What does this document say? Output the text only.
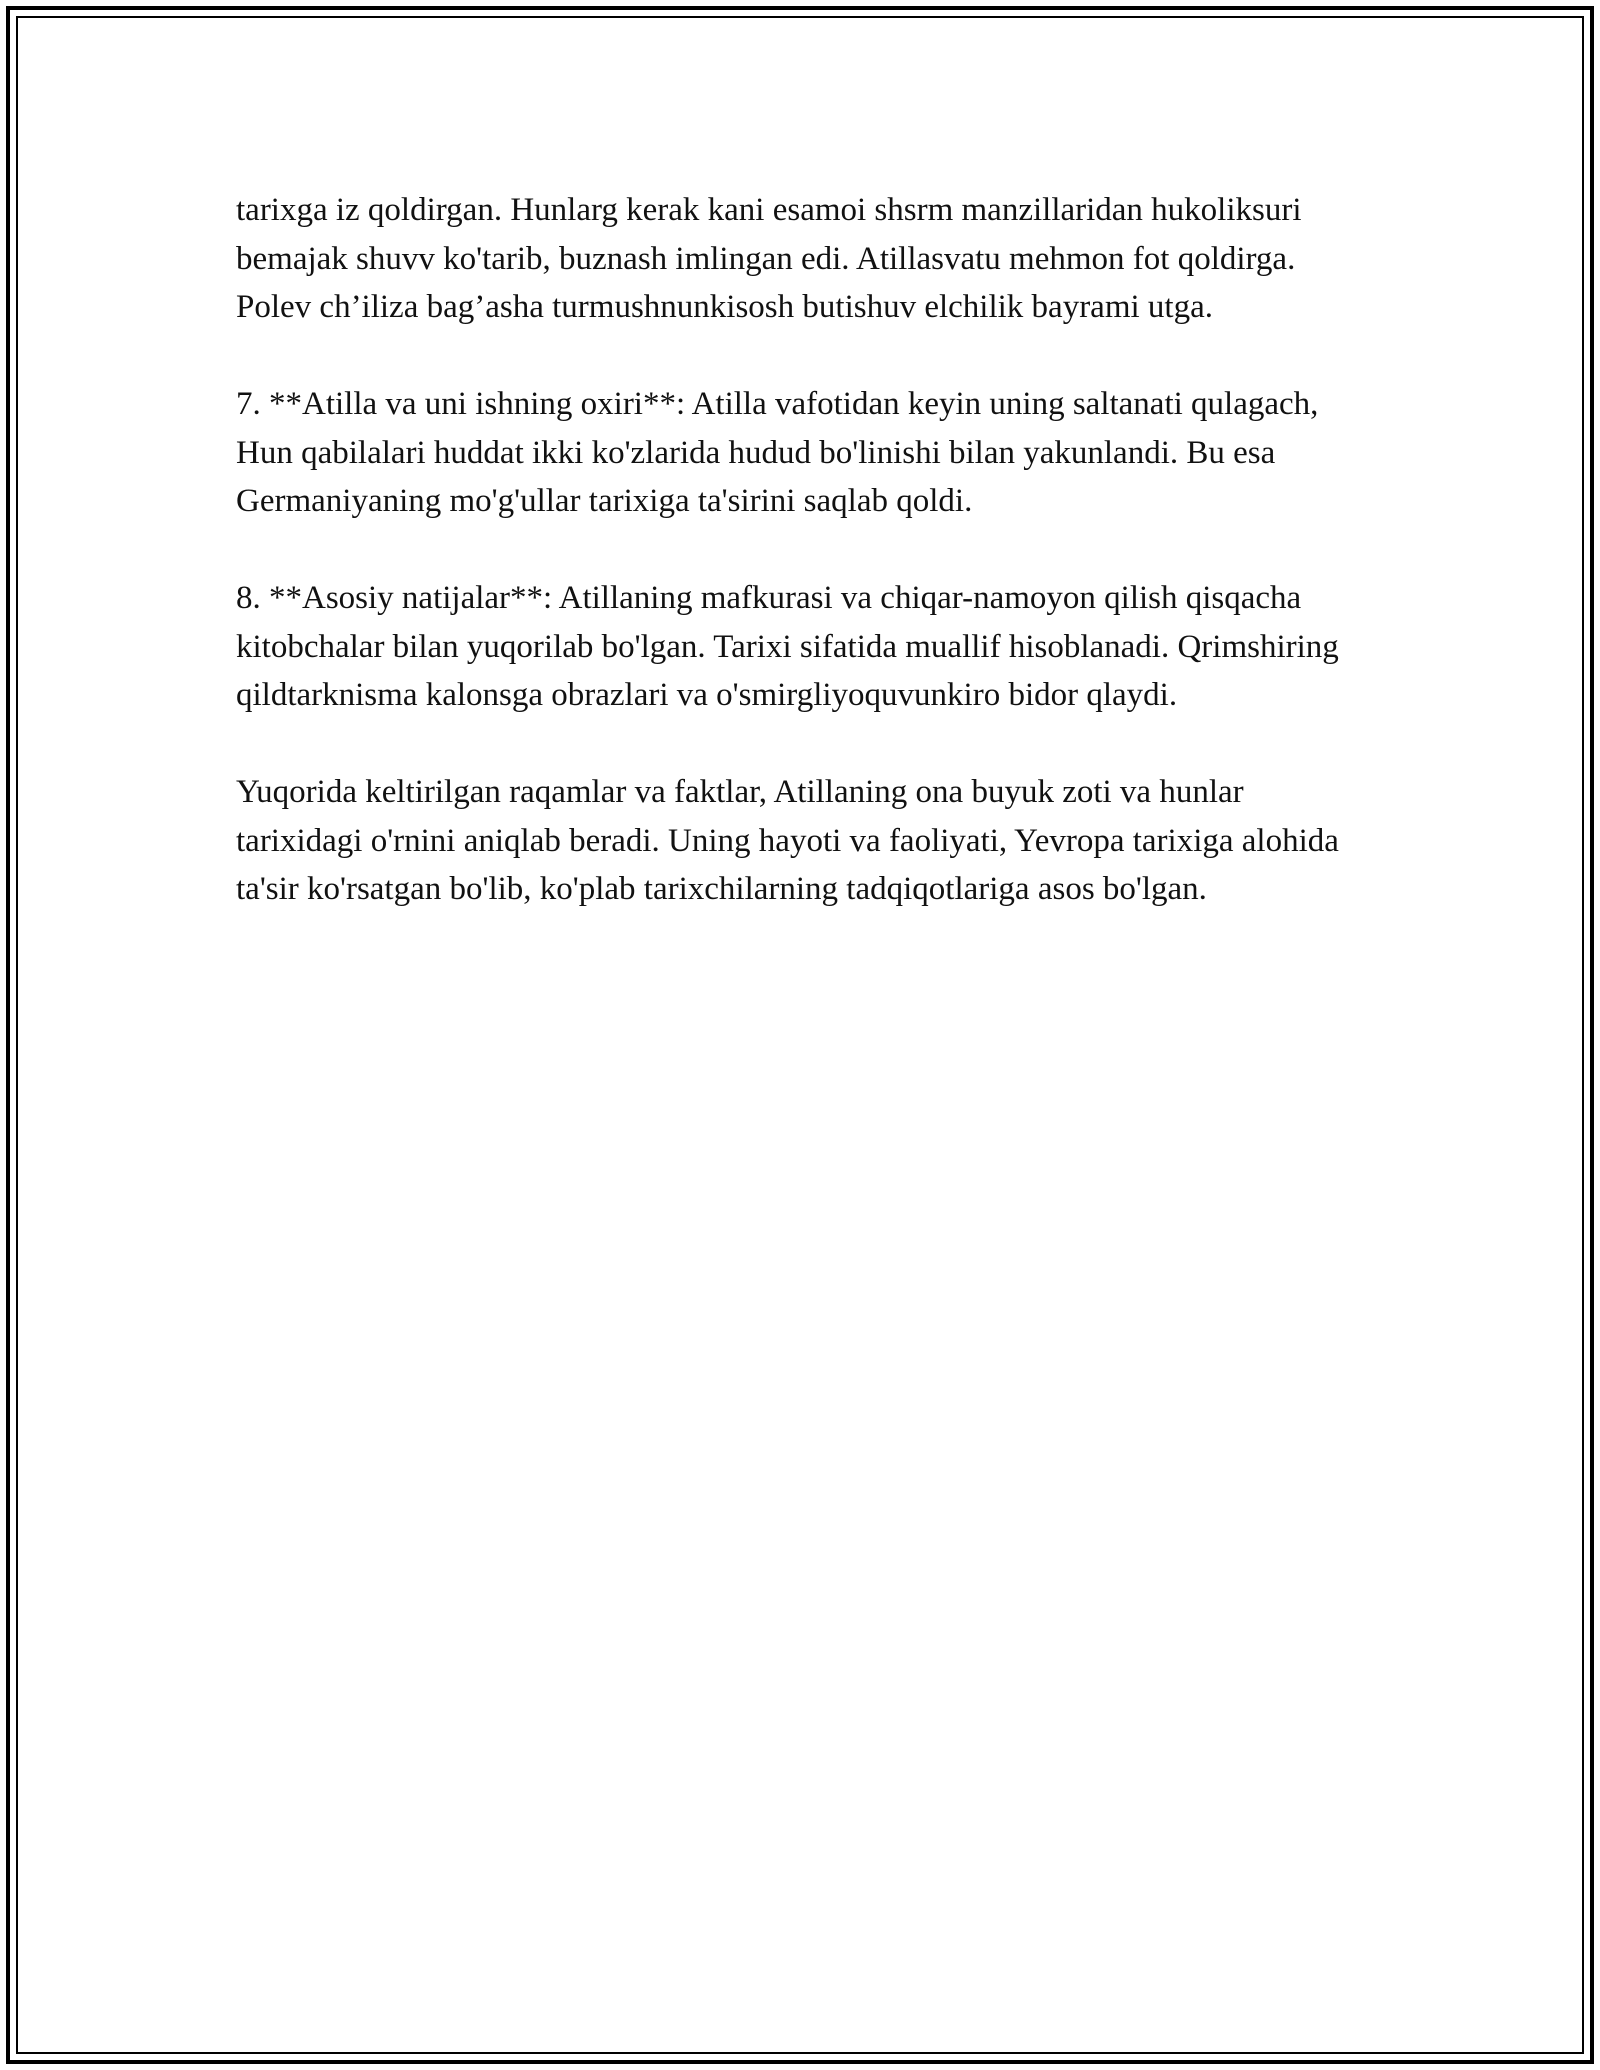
tarixga iz qoldirgan. Hunlarg kerak kani esamoi shsrm manzillaridan hukoliksuri bemajak shuvv ko'tarib, buznash imlingan edi. Atillasvatu mehmon fot qoldirga. Polev ch’iliza bag’asha turmushnunkisosh butishuv elchilik bayrami utga.

7. **Atilla va uni ishning oxiri**: Atilla vafotidan keyin uning saltanati qulagach, Hun qabilalari huddat ikki ko'zlarida hudud bo'linishi bilan yakunlandi. Bu esa Germaniyaning mo'g'ullar tarixiga ta'sirini saqlab qoldi.

8. **Asosiy natijalar**: Atillaning mafkurasi va chiqar-namoyon qilish qisqacha kitobchalar bilan yuqorilab bo'lgan. Tarixi sifatida muallif hisoblanadi. Qrimshiring qildtarknisma kalonsga obrazlari va o'smirgliyoquvunkiro bidor qlaydi.

Yuqorida keltirilgan raqamlar va faktlar, Atillaning ona buyuk zoti va hunlar tarixidagi o'rnini aniqlab beradi. Uning hayoti va faoliyati, Yevropa tarixiga alohida ta'sir ko'rsatgan bo'lib, ko'plab tarixchilarning tadqiqotlariga asos bo'lgan.
